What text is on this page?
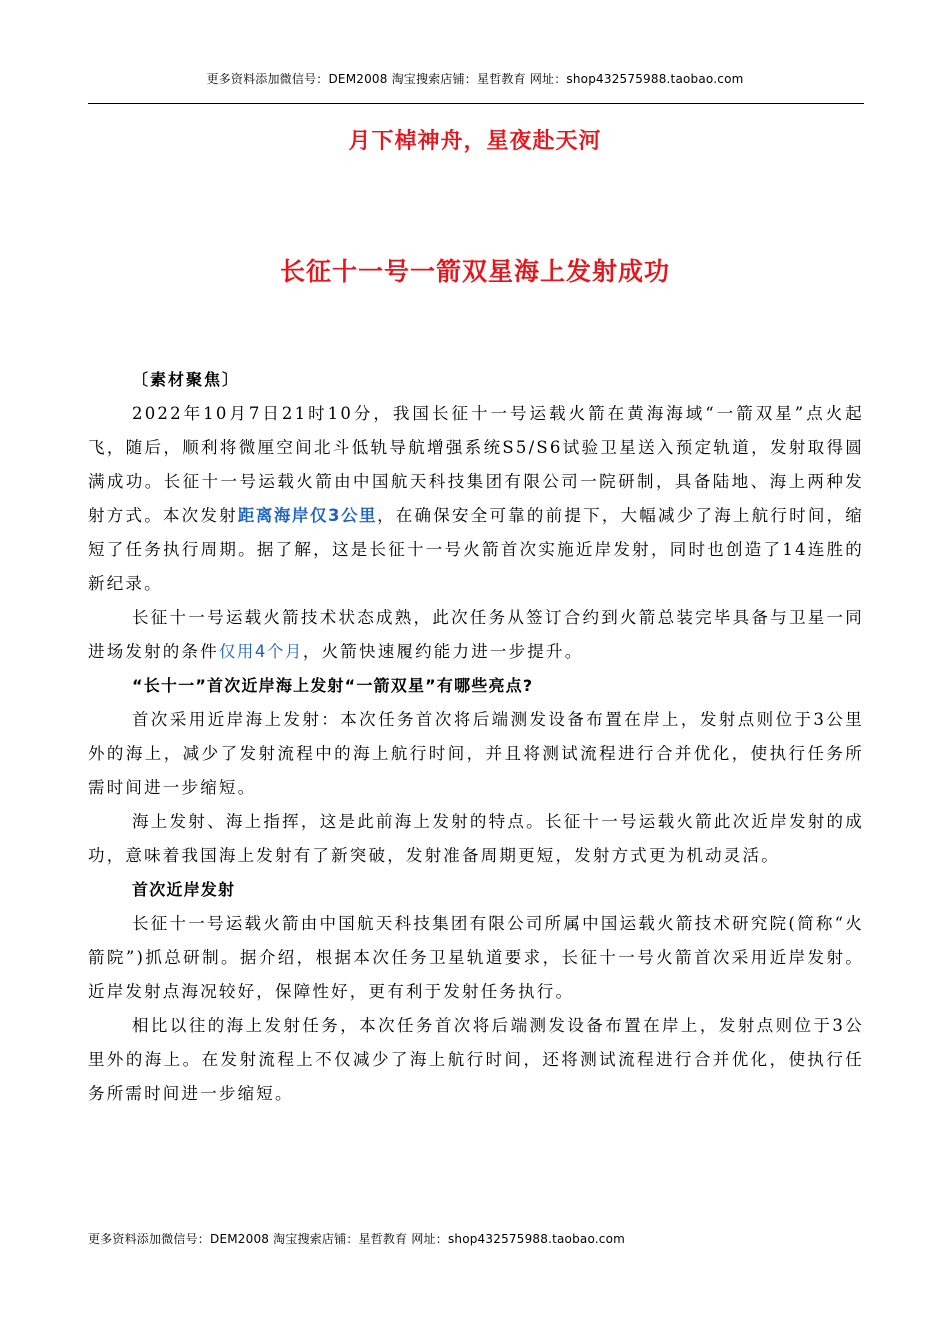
更多资料添加微信号：DEM2008 淘宝搜索店铺：星哲教育 网址：shop432575988.taobao.com
月下棹神舟，星夜赴天河
长征十一号一箭双星海上发射成功
〔素材聚焦〕

2022年10月7日21时10分，我国长征十一号运载火箭在黄海海域“一箭双星”点火起飞，随后，顺利将微厘空间北斗低轨导航增强系统S5/S6试验卫星送入预定轨道，发射取得圆满成功。长征十一号运载火箭由中国航天科技集团有限公司一院研制，具备陆地、海上两种发射方式。本次发射距离海岸仅3公里，在确保安全可靠的前提下，大幅减少了海上航行时间，缩短了任务执行周期。据了解，这是长征十一号火箭首次实施近岸发射，同时也创造了14连胜的新纪录。

长征十一号运载火箭技术状态成熟，此次任务从签订合约到火箭总装完毕具备与卫星一同进场发射的条件仅用4个月，火箭快速履约能力进一步提升。

“长十一”首次近岸海上发射“一箭双星”有哪些亮点?

首次采用近岸海上发射：本次任务首次将后端测发设备布置在岸上，发射点则位于3公里外的海上，减少了发射流程中的海上航行时间，并且将测试流程进行合并优化，使执行任务所需时间进一步缩短。

海上发射、海上指挥，这是此前海上发射的特点。长征十一号运载火箭此次近岸发射的成功，意味着我国海上发射有了新突破，发射准备周期更短，发射方式更为机动灵活。

首次近岸发射

长征十一号运载火箭由中国航天科技集团有限公司所属中国运载火箭技术研究院(简称“火箭院”)抓总研制。据介绍，根据本次任务卫星轨道要求，长征十一号火箭首次采用近岸发射。近岸发射点海况较好，保障性好，更有利于发射任务执行。

相比以往的海上发射任务，本次任务首次将后端测发设备布置在岸上，发射点则位于3公里外的海上。在发射流程上不仅减少了海上航行时间，还将测试流程进行合并优化，使执行任务所需时间进一步缩短。

更多资料添加微信号：DEM2008 淘宝搜索店铺：星哲教育 网址：shop432575988.taobao.com
